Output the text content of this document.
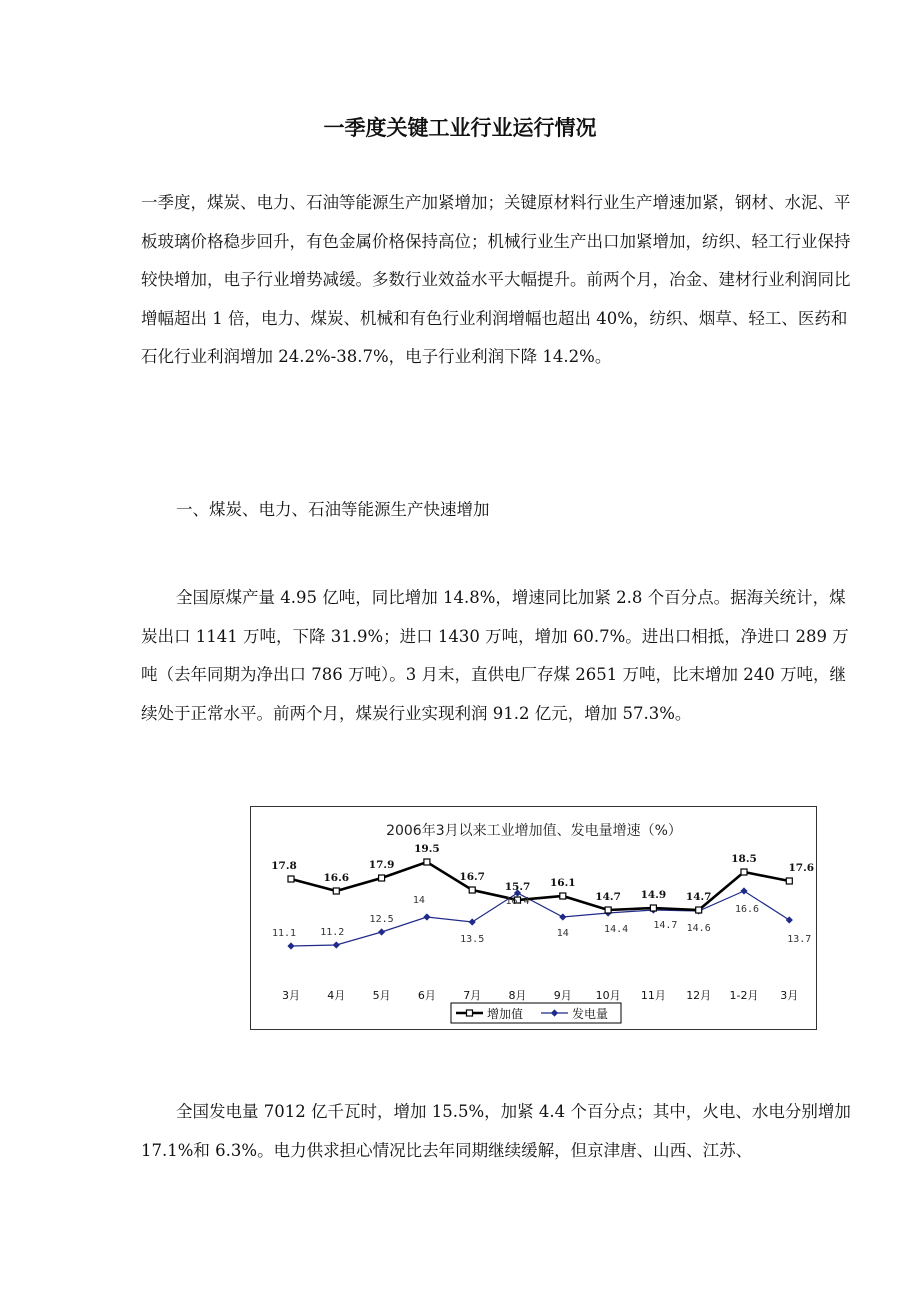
一季度关键工业行业运行情况

一季度，煤炭、电力、石油等能源生产加紧增加；关键原材料行业生产增速加紧，钢材、水泥、平板玻璃价格稳步回升，有色金属价格保持高位；机械行业生产出口加紧增加，纺织、轻工行业保持较快增加，电子行业增势减缓。多数行业效益水平大幅提升。前两个月，冶金、建材行业利润同比增幅超出 1 倍，电力、煤炭、机械和有色行业利润增幅也超出 40%，纺织、烟草、轻工、医药和石化行业利润增加 24.2%-38.7%，电子行业利润下降 14.2%。

一、煤炭、电力、石油等能源生产快速增加

全国原煤产量 4.95 亿吨，同比增加 14.8%，增速同比加紧 2.8 个百分点。据海关统计，煤炭出口 1141 万吨，下降 31.9%；进口 1430 万吨，增加 60.7%。进出口相抵，净进口 289 万吨（去年同期为净出口 786 万吨）。3 月末，直供电厂存煤 2651 万吨，比末增加 240 万吨，继续处于正常水平。前两个月，煤炭行业实现利润 91.2 亿元，增加 57.3%。

2006年3月以来工业增加值、发电量增速（%）
17.8
16.6
17.9
19.5
16.7
15.7 16.1
14.7 14.9 14.7
18.5
17.6
11.1 11.2
12.5
14
13.5
16.4
14	14.4	14.7 14.6
16.6
13.7
3月 4月 5月 6月 7月 8月 9月 10月 11月 12月 1-2月 3月
增加值	发电量

全国发电量 7012 亿千瓦时，增加 15.5%，加紧 4.4 个百分点；其中，火电、水电分别增加 17.1%和 6.3%。电力供求担心情况比去年同期继续缓解，但京津唐、山西、江苏、
